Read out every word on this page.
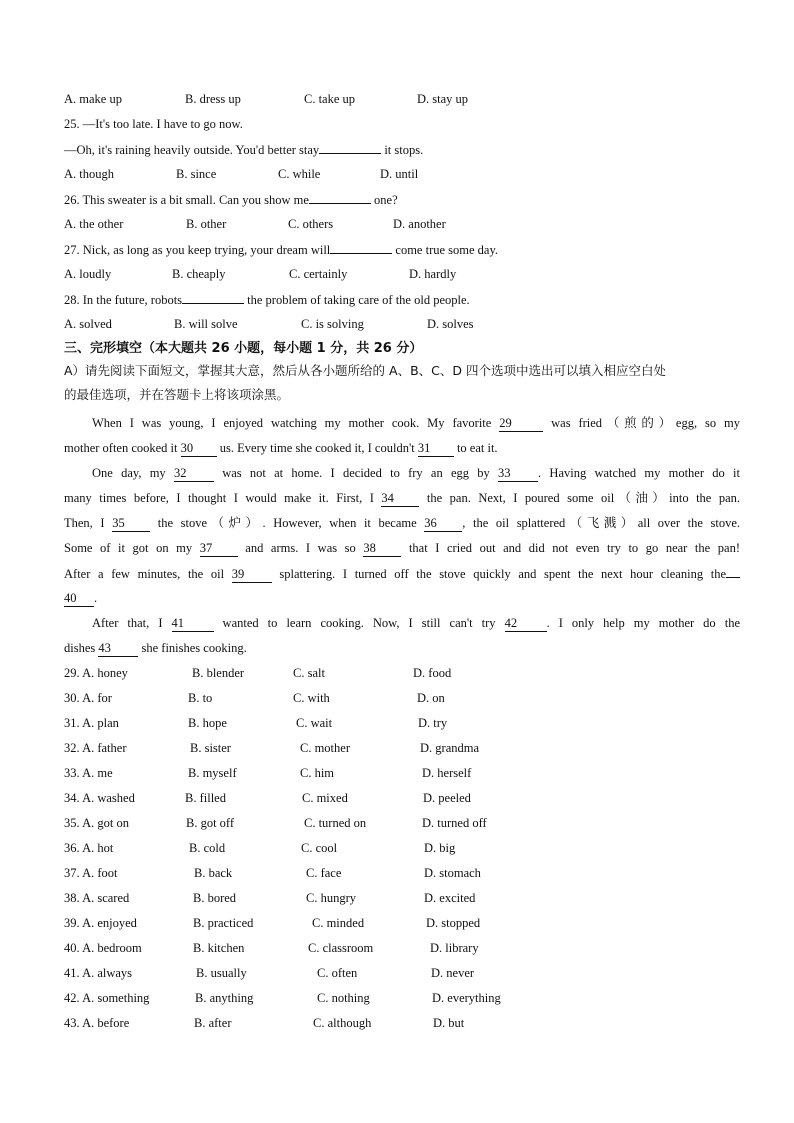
A. make up	B. dress up	C. take up	D. stay up
25. —It's too late. I have to go now.
—Oh, it's raining heavily outside. You'd better stay	it stops.
A. though	B. since	C. while	D. until
26. This sweater is a bit small. Can you show me	one?
A. the other	B. other	C. others	D. another
27. Nick, as long as you keep trying, your dream will	come true some day.
A. loudly	B. cheaply	C. certainly	D. hardly
28. In the future, robots	the problem of taking care of the old people.
A. solved	B. will solve	C. is solving	D. solves
三、完形填空（本大题共 26 小题，每小题 1 分，共 26 分）
A）请先阅读下面短文，掌握其大意，然后从各小题所给的 A、B、C、D 四个选项中选出可以填入相应空白处
的最佳选项，并在答题卡上将该项涂黑。
When I was young, I enjoyed watching my mother cook. My favorite 29	was fried（煎的）egg, so my
mother often cooked it 30 us. Every time she cooked it, I couldn't 31 to eat it.
One day, my 32 was not at home. I decided to fry an egg by 33 . Having watched my mother do it
many times before, I thought I would make it. First, I 34 the pan. Next, I poured some oil（油）into the pan.
Then, I 35 the stove（炉）. However, when it became 36 , the oil splattered（飞溅）all over the stove.
Some of it got on my 37 and arms. I was so 38 that I cried out and did not even try to go near the pan!
After a few minutes, the oil 39 splattering. I turned off the stove quickly and spent the next hour cleaning the
40 .
After that, I 41 wanted to learn cooking. Now, I still can't try 42 . I only help my mother do the
dishes 43 she finishes cooking.
29. A. honey	B. blender	C. salt	D. food
30. A. for	B. to	C. with	D. on
31. A. plan	B. hope	C. wait	D. try
32. A. father	B. sister	C. mother	D. grandma
33. A. me	B. myself	C. him	D. herself
34. A. washed	B. filled	C. mixed	D. peeled
35. A. got on	B. got off	C. turned on	D. turned off
36. A. hot	B. cold	C. cool	D. big
37. A. foot	B. back	C. face	D. stomach
38. A. scared	B. bored	C. hungry	D. excited
39. A. enjoyed	B. practiced	C. minded	D. stopped
40. A. bedroom	B. kitchen	C. classroom	D. library
41. A. always	B. usually	C. often	D. never
42. A. something	B. anything	C. nothing	D. everything
43. A. before	B. after	C. although	D. but
